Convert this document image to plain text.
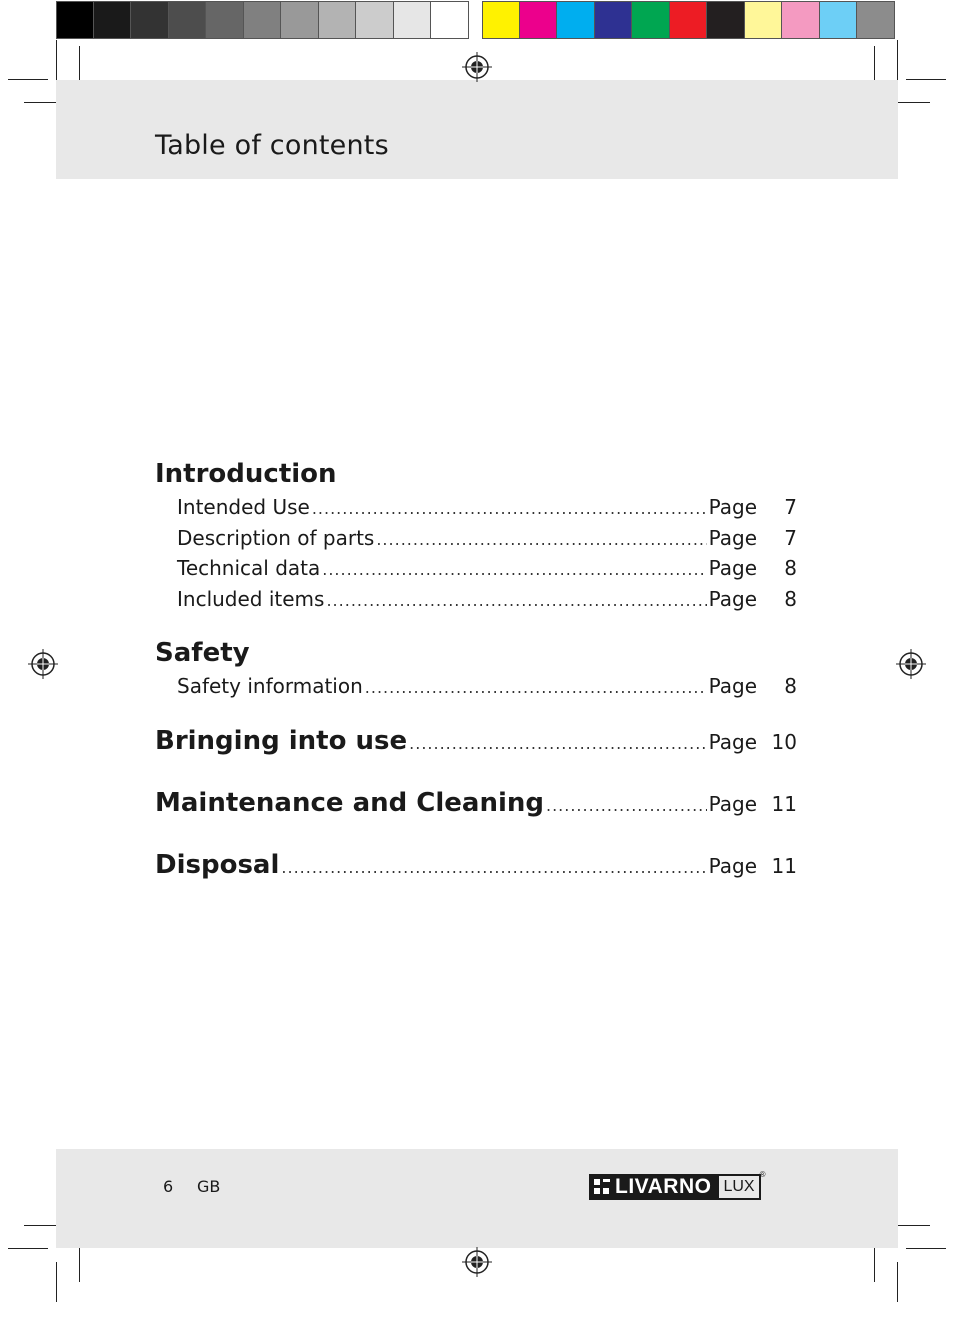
Table of contents
Introduction
Intended Use .....	Page	7
Description of parts .....	Page	7
Technical data .....	Page	8
Included items .....	Page	8
Safety
Safety information .....	Page	8
Bringing into use .....	Page 10
Maintenance and Cleaning .....	Page 11
Disposal .....	Page 11
6 GB	LIVARNO LUX
®
